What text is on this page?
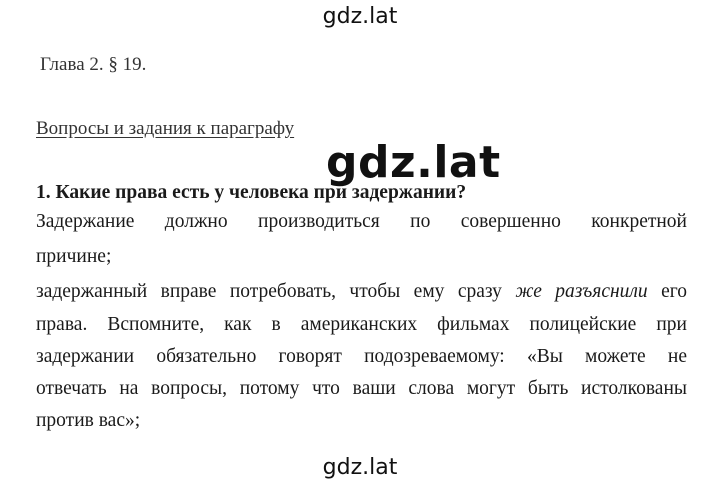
gdz.lat
Глава 2. § 19.
Вопросы и задания к параграфу
gdz.lat
1. Какие права есть у человека при задержании?
Задержание должно производиться по совершенно конкретной
причине;
задержанный вправе потребовать, чтобы ему сразу же разъяснили его
права. Вспомните, как в американских фильмах полицейские при
задержании обязательно говорят подозреваемому: «Вы можете не
отвечать на вопросы, потому что ваши слова могут быть истолкованы
против вас»;
gdz.lat
